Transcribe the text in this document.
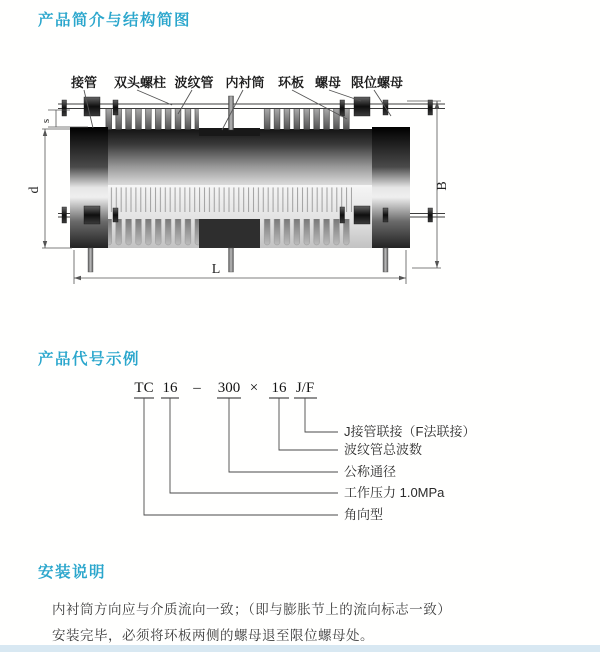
产品简介与结构简图
产品代号示例
安装说明
接管 双头螺柱 波纹管 内衬筒 环板 螺母 限位螺母
s
d	B
L
TC 16 – 300 × 16 J/F
J接管联接（F法联接）
波纹管总波数
公称通径
工作压力 1.0MPa
角向型
内衬筒方向应与介质流向一致；（即与膨胀节上的流向标志一致）
安装完毕，必须将环板两侧的螺母退至限位螺母处。
